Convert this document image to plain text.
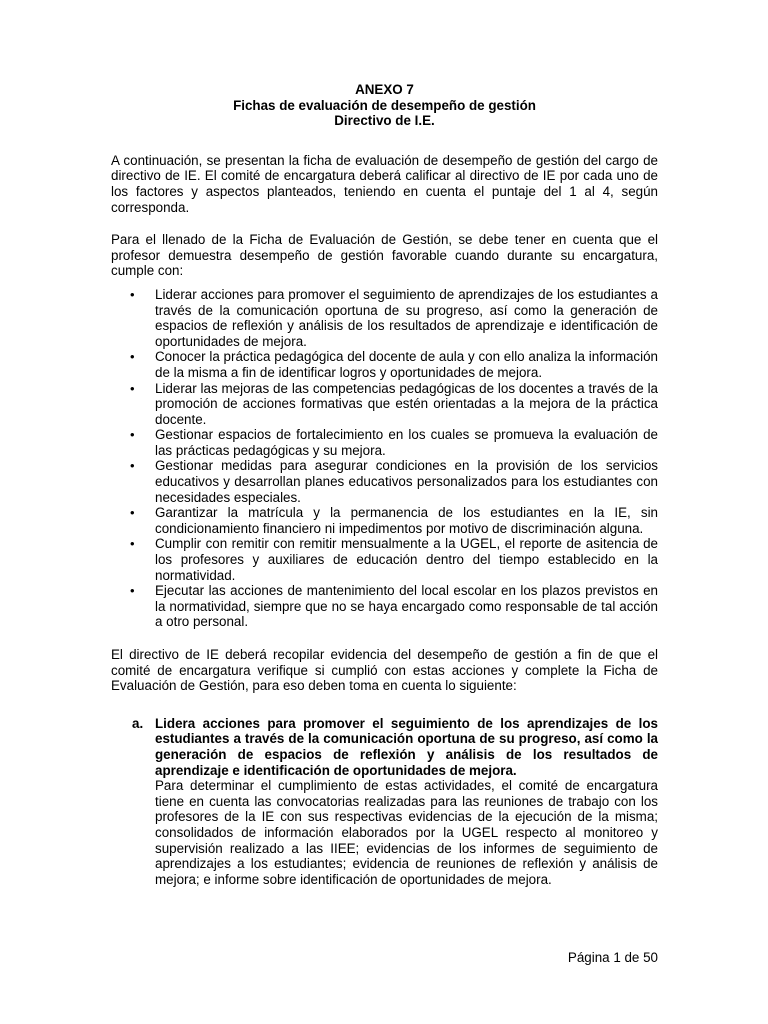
ANEXO 7
Fichas de evaluación de desempeño de gestión
Directivo de I.E.

A continuación, se presentan la ficha de evaluación de desempeño de gestión del cargo de directivo de IE. El comité de encargatura deberá calificar al directivo de IE por cada uno de los factores y aspectos planteados, teniendo en cuenta el puntaje del 1 al 4, según corresponda.

Para el llenado de la Ficha de Evaluación de Gestión, se debe tener en cuenta que el profesor demuestra desempeño de gestión favorable cuando durante su encargatura, cumple con:

• Liderar acciones para promover el seguimiento de aprendizajes de los estudiantes a través de la comunicación oportuna de su progreso, así como la generación de espacios de reflexión y análisis de los resultados de aprendizaje e identificación de oportunidades de mejora.
• Conocer la práctica pedagógica del docente de aula y con ello analiza la información de la misma a fin de identificar logros y oportunidades de mejora.
• Liderar las mejoras de las competencias pedagógicas de los docentes a través de la promoción de acciones formativas que estén orientadas a la mejora de la práctica docente.
• Gestionar espacios de fortalecimiento en los cuales se promueva la evaluación de las prácticas pedagógicas y su mejora.
• Gestionar medidas para asegurar condiciones en la provisión de los servicios educativos y desarrollan planes educativos personalizados para los estudiantes con necesidades especiales.
• Garantizar la matrícula y la permanencia de los estudiantes en la IE, sin condicionamiento financiero ni impedimentos por motivo de discriminación alguna.
• Cumplir con remitir con remitir mensualmente a la UGEL, el reporte de asitencia de los profesores y auxiliares de educación dentro del tiempo establecido en la normatividad.
• Ejecutar las acciones de mantenimiento del local escolar en los plazos previstos en la normatividad, siempre que no se haya encargado como responsable de tal acción a otro personal.

El directivo de IE deberá recopilar evidencia del desempeño de gestión a fin de que el comité de encargatura verifique si cumplió con estas acciones y complete la Ficha de Evaluación de Gestión, para eso deben toma en cuenta lo siguiente:

a. Lidera acciones para promover el seguimiento de los aprendizajes de los estudiantes a través de la comunicación oportuna de su progreso, así como la generación de espacios de reflexión y análisis de los resultados de aprendizaje e identificación de oportunidades de mejora.
Para determinar el cumplimiento de estas actividades, el comité de encargatura tiene en cuenta las convocatorias realizadas para las reuniones de trabajo con los profesores de la IE con sus respectivas evidencias de la ejecución de la misma; consolidados de información elaborados por la UGEL respecto al monitoreo y supervisión realizado a las IIEE; evidencias de los informes de seguimiento de aprendizajes a los estudiantes; evidencia de reuniones de reflexión y análisis de mejora; e informe sobre identificación de oportunidades de mejora.
Página 1 de 50
